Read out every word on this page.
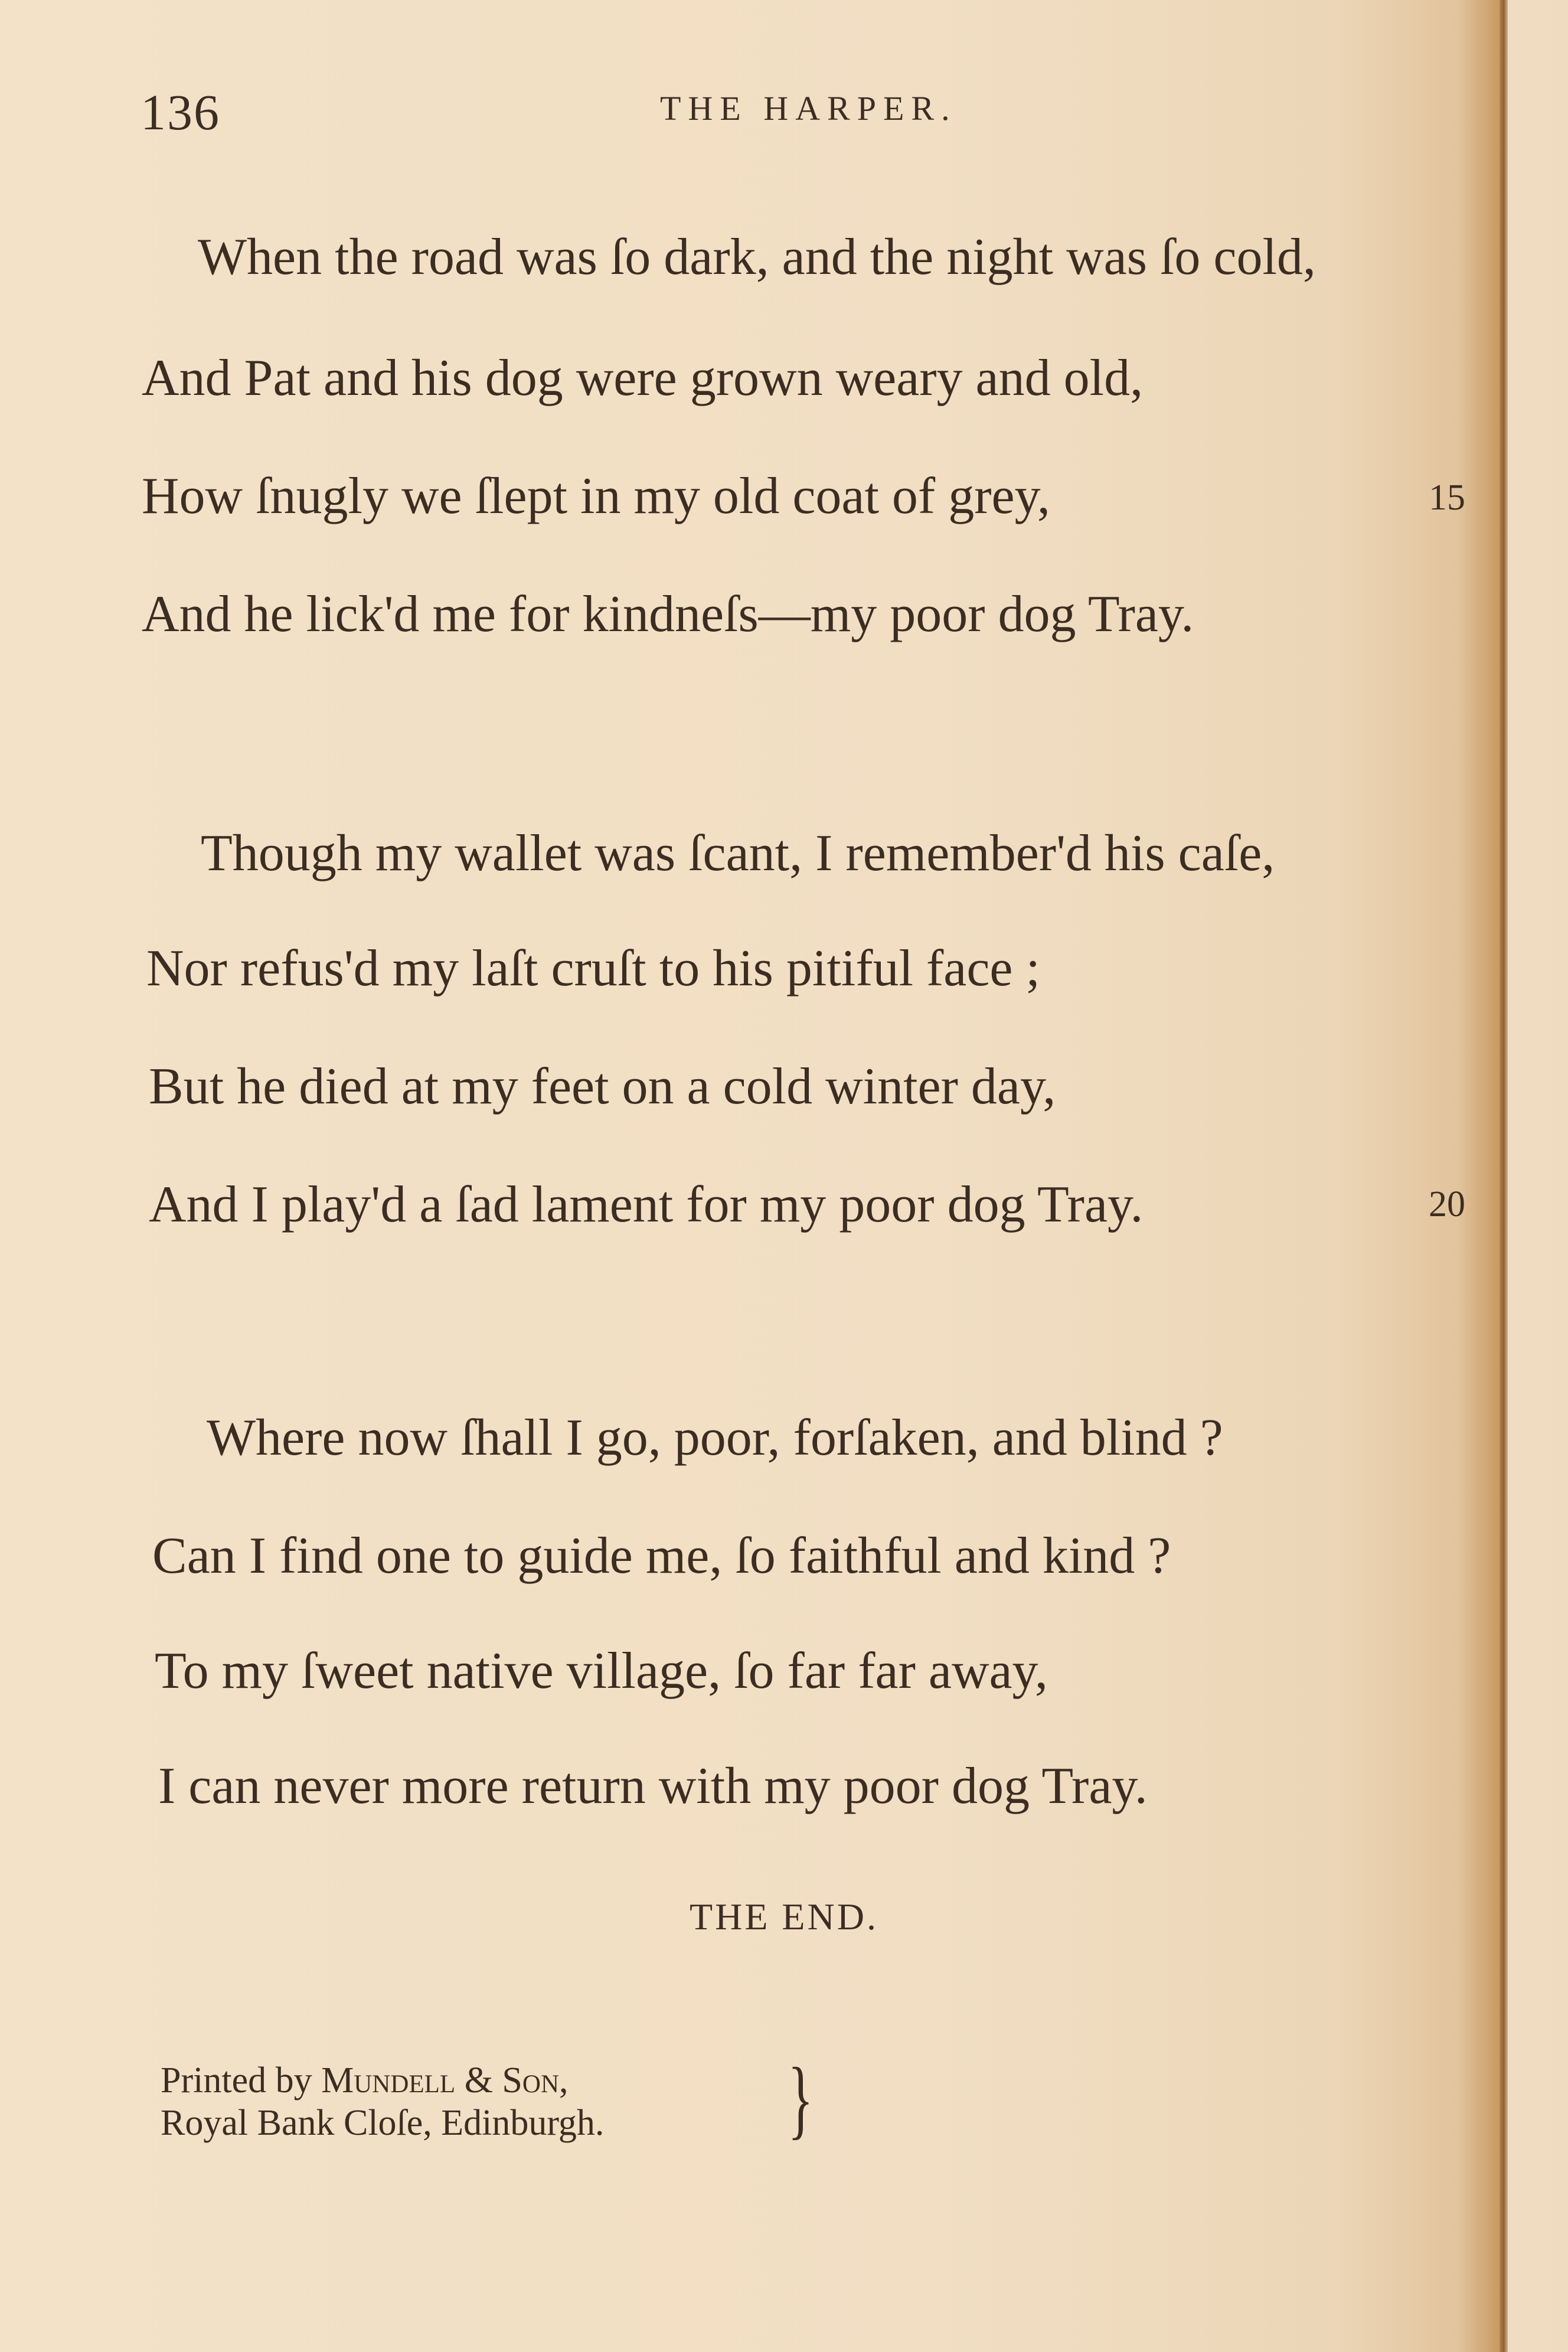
136	THE HARPER.
When the road was ſo dark, and the night was ſo cold,
And Pat and his dog were grown weary and old,
How ſnugly we ſlept in my old coat of grey,	15
And he lick'd me for kindneſs—my poor dog Tray.
Though my wallet was ſcant, I remember'd his caſe,
Nor refus'd my laſt cruſt to his pitiful face ;
But he died at my feet on a cold winter day,
And I play'd a ſad lament for my poor dog Tray.	20
Where now ſhall I go, poor, forſaken, and blind ?
Can I find one to guide me, ſo faithful and kind ?
To my ſweet native village, ſo far far away,
I can never more return with my poor dog Tray.
THE END.
Printed by Mundell & Son,
Royal Bank Cloſe, Edinburgh. }
